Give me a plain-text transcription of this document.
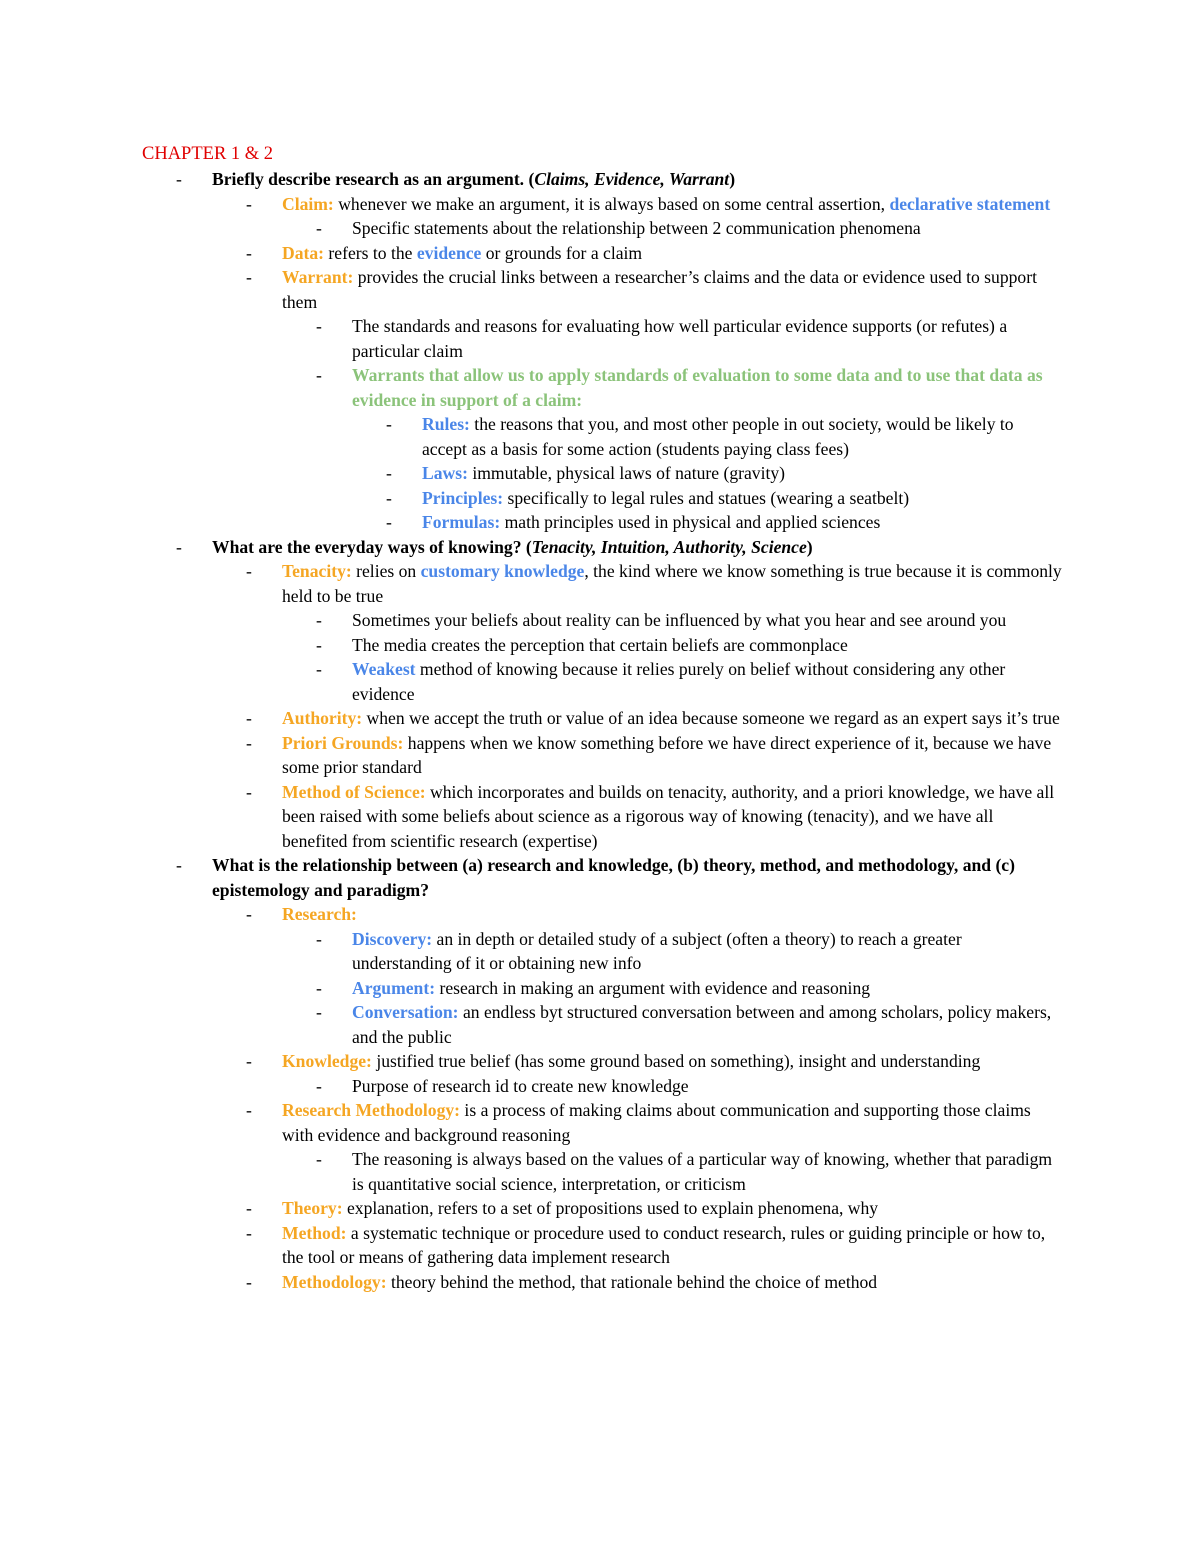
CHAPTER 1 & 2

- Briefly describe research as an argument. (Claims, Evidence, Warrant)
- Claim: whenever we make an argument, it is always based on some central assertion, declarative statement
- Specific statements about the relationship between 2 communication phenomena
- Data: refers to the evidence or grounds for a claim
- Warrant: provides the crucial links between a researcher’s claims and the data or evidence used to support them
- The standards and reasons for evaluating how well particular evidence supports (or refutes) a particular claim
- Warrants that allow us to apply standards of evaluation to some data and to use that data as evidence in support of a claim:
- Rules: the reasons that you, and most other people in out society, would be likely to accept as a basis for some action (students paying class fees)
- Laws: immutable, physical laws of nature (gravity)
- Principles: specifically to legal rules and statues (wearing a seatbelt)
- Formulas: math principles used in physical and applied sciences
- What are the everyday ways of knowing? (Tenacity, Intuition, Authority, Science)
- Tenacity: relies on customary knowledge, the kind where we know something is true because it is commonly held to be true
- Sometimes your beliefs about reality can be influenced by what you hear and see around you
- The media creates the perception that certain beliefs are commonplace
- Weakest method of knowing because it relies purely on belief without considering any other evidence
- Authority: when we accept the truth or value of an idea because someone we regard as an expert says it’s true
- Priori Grounds: happens when we know something before we have direct experience of it, because we have some prior standard
- Method of Science: which incorporates and builds on tenacity, authority, and a priori knowledge, we have all been raised with some beliefs about science as a rigorous way of knowing (tenacity), and we have all benefited from scientific research (expertise)
- What is the relationship between (a) research and knowledge, (b) theory, method, and methodology, and (c) epistemology and paradigm?
- Research:
- Discovery: an in depth or detailed study of a subject (often a theory) to reach a greater understanding of it or obtaining new info
- Argument: research in making an argument with evidence and reasoning
- Conversation: an endless byt structured conversation between and among scholars, policy makers, and the public
- Knowledge: justified true belief (has some ground based on something), insight and understanding
- Purpose of research id to create new knowledge
- Research Methodology: is a process of making claims about communication and supporting those claims with evidence and background reasoning
- The reasoning is always based on the values of a particular way of knowing, whether that paradigm is quantitative social science, interpretation, or criticism
- Theory: explanation, refers to a set of propositions used to explain phenomena, why
- Method: a systematic technique or procedure used to conduct research, rules or guiding principle or how to, the tool or means of gathering data implement research
- Methodology: theory behind the method, that rationale behind the choice of method
